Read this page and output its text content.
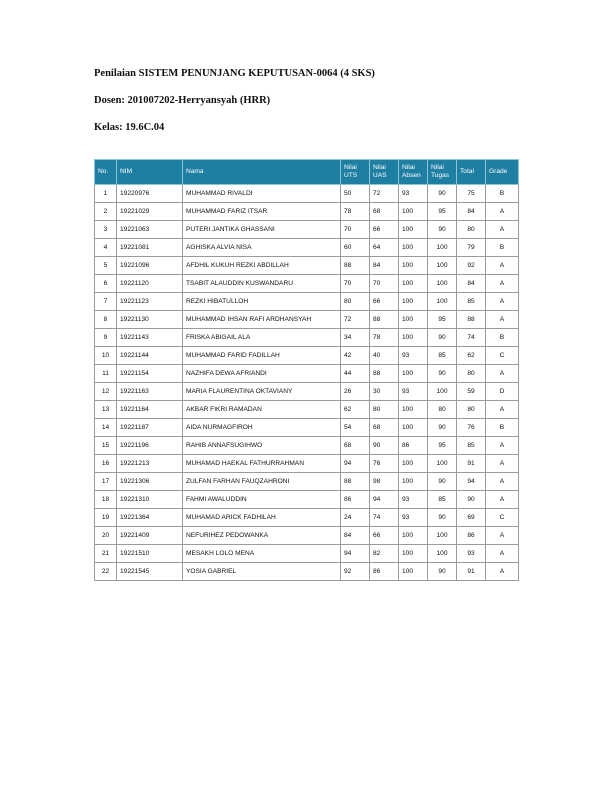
Penilaian SISTEM PENUNJANG KEPUTUSAN-0064 (4 SKS)
Dosen: 201007202-Herryansyah (HRR)
Kelas: 19.6C.04
No.	NIM	Nama	Nilai UTS	Nilai UAS	Nilai Absen	Nilai Tugas	Total	Grade
1	19220976	MUHAMMAD RIVALDI	50	72	93	90	75	B
2	19221029	MUHAMMAD FARIZ ITSAR	78	68	100	95	84	A
3	19221063	PUTERI JANTIKA GHASSANI	70	66	100	90	80	A
4	19221081	AGHISKA ALVIA NISA	60	64	100	100	79	B
5	19221096	AFDHIL KUKUH REZKI ABDILLAH	88	84	100	100	92	A
6	19221120	TSABIT ALAUDDIN KUSWANDARU	70	70	100	100	84	A
7	19221123	REZKI HIBATULLOH	80	66	100	100	85	A
8	19221130	MUHAMMAD IHSAN RAFI ARDHANSYAH	72	88	100	95	88	A
9	19221143	FRISKA ABIGAIL ALA	34	78	100	90	74	B
10	19221144	MUHAMMAD FARID FADILLAH	42	40	93	85	62	C
11	19221154	NAZHIFA DEWA AFRIANDI	44	88	100	90	80	A
12	19221163	MARIA FLAURENTINA OKTAVIANY	26	30	93	100	59	D
13	19221164	AKBAR FIKRI RAMADAN	62	80	100	80	80	A
14	19221187	AIDA NURMAGFIROH	54	68	100	90	76	B
15	19221196	RAHIB ANNAFSUGIHWO	68	90	86	95	85	A
16	19221213	MUHAMAD HAEKAL FATHURRAHMAN	94	76	100	100	91	A
17	19221306	ZULFAN FARHAN FAUQZAHRONI	88	98	100	90	94	A
18	19221310	FAHMI AWALUDDIN	86	94	93	85	90	A
19	19221364	MUHAMAD ARICK FADHILAH	24	74	93	90	69	C
20	19221409	NEFURIHEZ PEDOWANKA	84	66	100	100	86	A
21	19221510	MESAKH LOLO MENA	94	82	100	100	93	A
22	19221545	YOSIA GABRIEL	92	86	100	90	91	A
